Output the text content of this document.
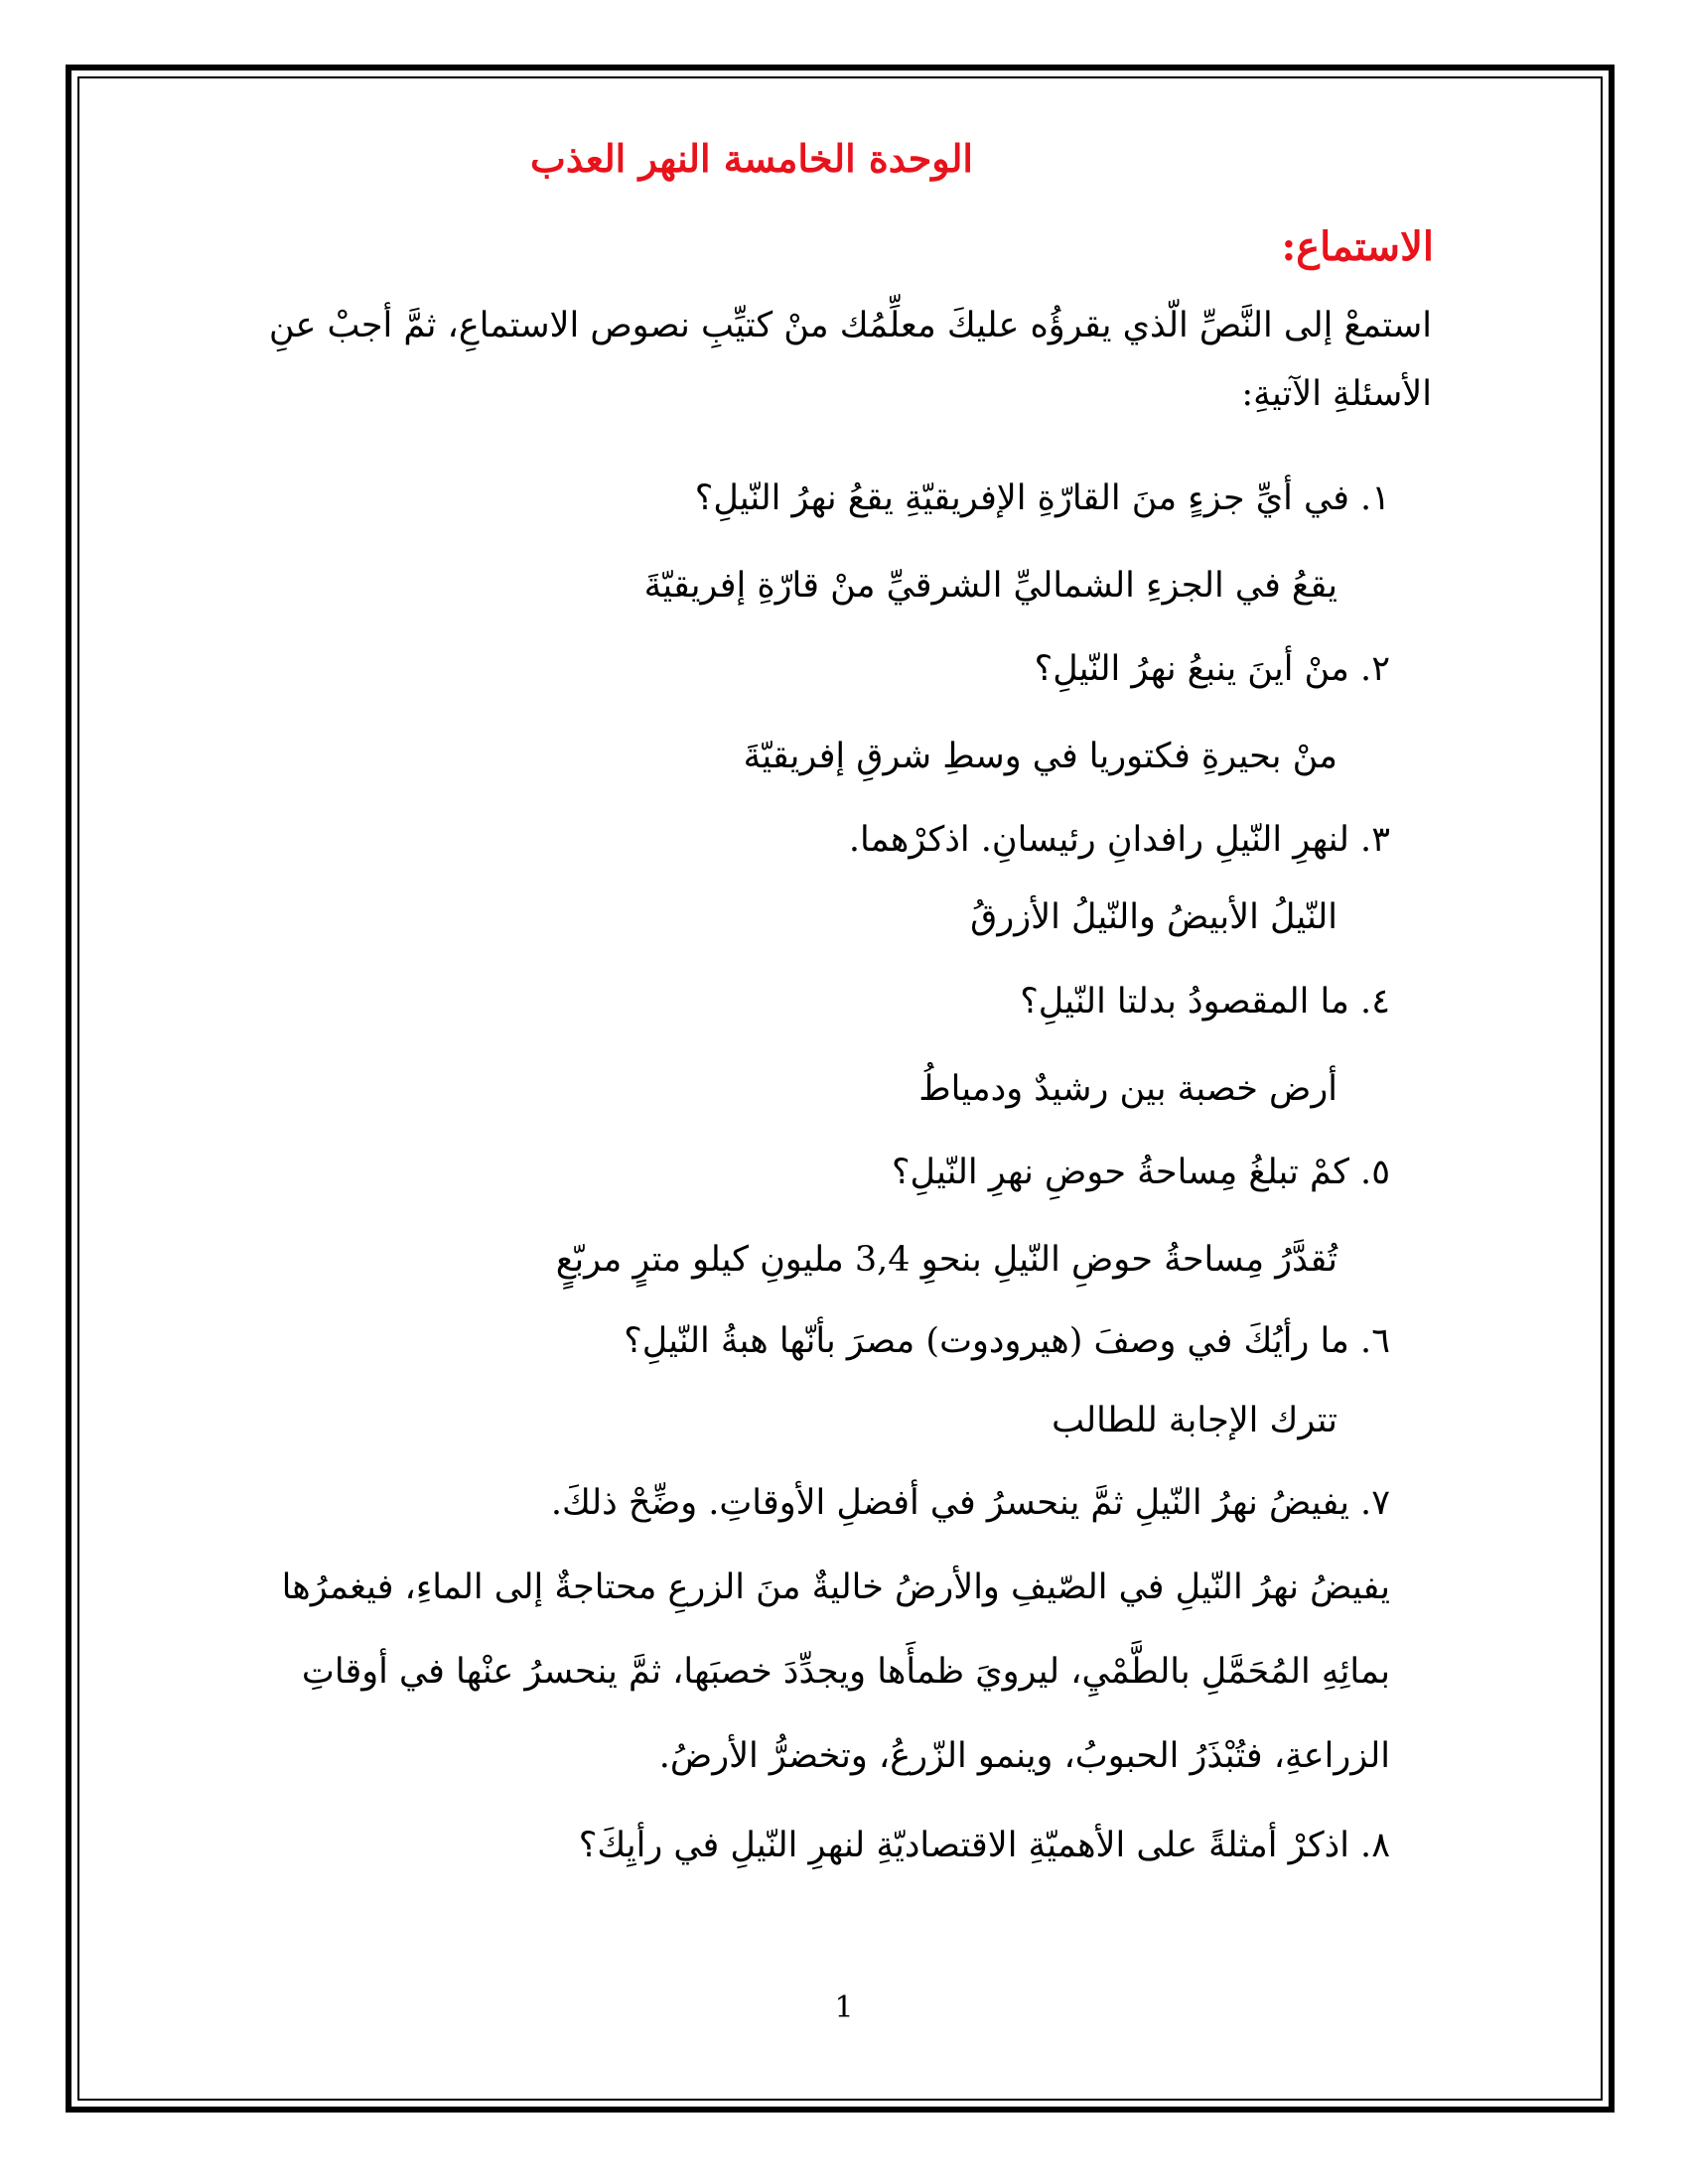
الوحدة الخامسة النهر العذب
الاستماع:
استمعْ إلى النَّصِّ الّذي يقرؤُه عليكَ معلِّمُك منْ كتيِّبِ نصوص الاستماعِ، ثمَّ أجبْ عنِ
الأسئلةِ الآتيةِ:
١. في أيِّ جزءٍ منَ القارّةِ الإفريقيّةِ يقعُ نهرُ النّيلِ؟
يقعُ في الجزءِ الشماليِّ الشرقيِّ منْ قارّةِ إفريقيّةَ
٢. منْ أينَ ينبعُ نهرُ النّيلِ؟
منْ بحيرةِ فكتوريا في وسطِ شرقِ إفريقيّةَ
٣. لنهرِ النّيلِ رافدانِ رئيسانِ. اذكرْهما.
النّيلُ الأبيضُ والنّيلُ الأزرقُ
٤. ما المقصودُ بدلتا النّيلِ؟
أرض خصبة بين رشيدٌ ودمياطُ
٥. كمْ تبلغُ مِساحةُ حوضِ نهرِ النّيلِ؟
تُقدَّرُ مِساحةُ حوضِ النّيلِ بنحوِ 3,4 مليونِ كيلو مترٍ مربّعٍ
٦. ما رأيُكَ في وصفَ (هيرودوت) مصرَ بأنّها هبةُ النّيلِ؟
تترك الإجابة للطالب
٧. يفيضُ نهرُ النّيلِ ثمَّ ينحسرُ في أفضلِ الأوقاتِ. وضِّحْ ذلكَ.
يفيضُ نهرُ النّيلِ في الصّيفِ والأرضُ خاليةٌ منَ الزرعِ محتاجةٌ إلى الماءِ، فيغمرُها
بمائِهِ المُحَمَّلِ بالطَّمْيِ، ليرويَ ظمأَها ويجدِّدَ خصبَها، ثمَّ ينحسرُ عنْها في أوقاتِ
الزراعةِ، فتُبْذَرُ الحبوبُ، وينمو الزّرعُ، وتخضرُّ الأرضُ.
٨. اذكرْ أمثلةً على الأهميّةِ الاقتصاديّةِ لنهرِ النّيلِ في رأيِكَ؟
1
